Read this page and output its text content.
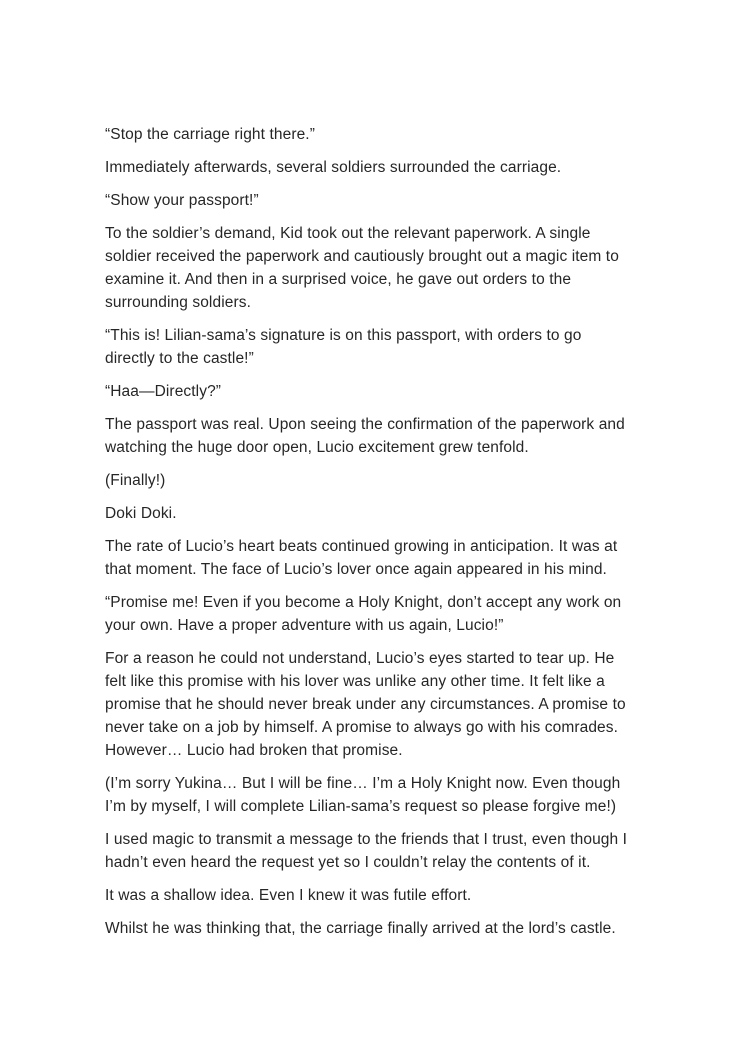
“Stop the carriage right there.”

Immediately afterwards, several soldiers surrounded the carriage.

“Show your passport!”

To the soldier’s demand, Kid took out the relevant paperwork. A single soldier received the paperwork and cautiously brought out a magic item to examine it. And then in a surprised voice, he gave out orders to the surrounding soldiers.

“This is! Lilian-sama’s signature is on this passport, with orders to go directly to the castle!”

“Haa—Directly?”

The passport was real. Upon seeing the confirmation of the paperwork and watching the huge door open, Lucio excitement grew tenfold.

(Finally!)

Doki Doki.

The rate of Lucio’s heart beats continued growing in anticipation. It was at that moment. The face of Lucio’s lover once again appeared in his mind.

“Promise me! Even if you become a Holy Knight, don’t accept any work on your own. Have a proper adventure with us again, Lucio!”

For a reason he could not understand, Lucio’s eyes started to tear up. He felt like this promise with his lover was unlike any other time. It felt like a promise that he should never break under any circumstances. A promise to never take on a job by himself. A promise to always go with his comrades. However… Lucio had broken that promise.

(I’m sorry Yukina… But I will be fine… I’m a Holy Knight now. Even though I’m by myself, I will complete Lilian-sama’s request so please forgive me!)

I used magic to transmit a message to the friends that I trust, even though I hadn’t even heard the request yet so I couldn’t relay the contents of it.

It was a shallow idea. Even I knew it was futile effort.

Whilst he was thinking that, the carriage finally arrived at the lord’s castle.
